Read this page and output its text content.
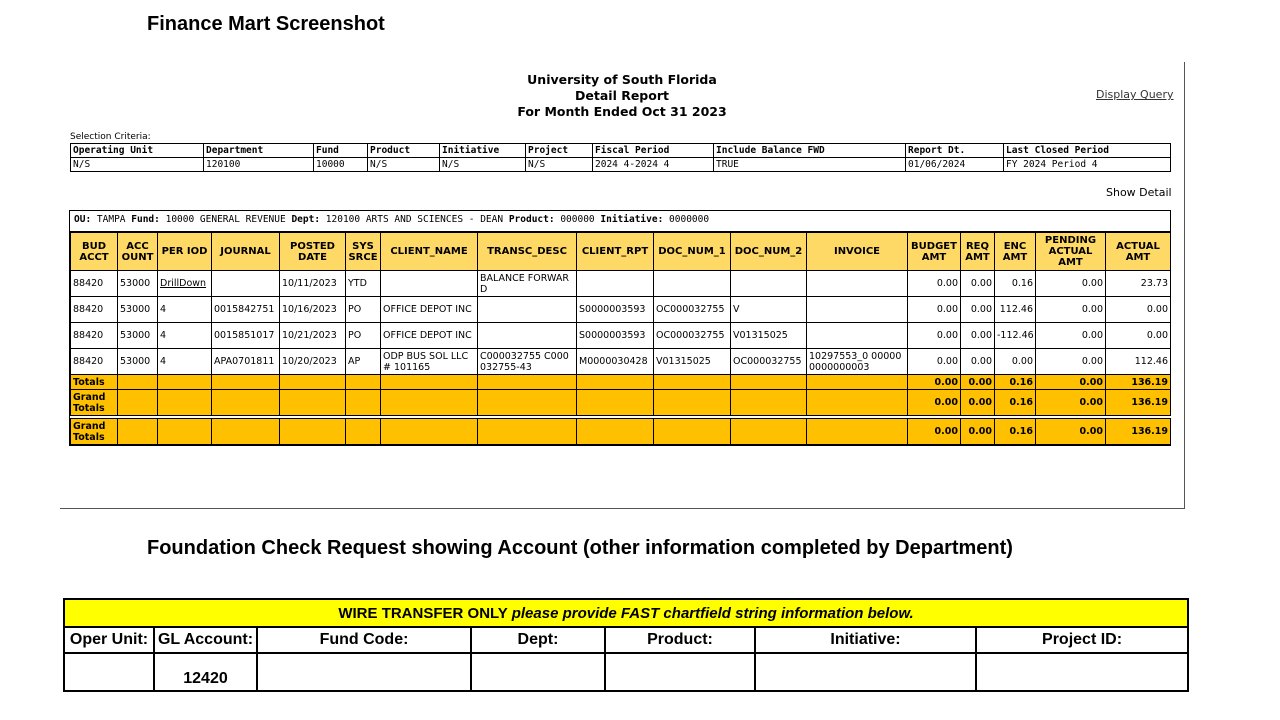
Finance Mart Screenshot
University of South Florida
Detail Report
For Month Ended Oct 31 2023
Display Query
Selection Criteria:
Operating Unit	Department	Fund	Product	Initiative	Project	Fiscal Period	Include Balance FWD	Report Dt.	Last Closed Period
N/S	120100	10000	N/S	N/S	N/S	2024 4-2024 4	TRUE	01/06/2024	FY 2024 Period 4
Show Detail
OU: TAMPA Fund: 10000 GENERAL REVENUE Dept: 120100 ARTS AND SCIENCES - DEAN Product: 000000 Initiative: 0000000
BUD ACCT	ACC OUNT	PER IOD	JOURNAL	POSTED DATE	SYS SRCE	CLIENT_NAME	TRANSC_DESC	CLIENT_RPT	DOC_NUM_1	DOC_NUM_2	INVOICE	BUDGET AMT	REQ AMT	ENC AMT	PENDING ACTUAL AMT	ACTUAL AMT
88420	53000	DrillDown		10/11/2023	YTD		BALANCE FORWARD					0.00	0.00	0.16	0.00	23.73
88420	53000	4	0015842751	10/16/2023	PO	OFFICE DEPOT INC		S0000003593	OC000032755	V		0.00	0.00	112.46	0.00	0.00
88420	53000	4	0015851017	10/21/2023	PO	OFFICE DEPOT INC		S0000003593	OC000032755	V01315025		0.00	0.00	-112.46	0.00	0.00
88420	53000	4	APA0701811	10/20/2023	AP	ODP BUS SOL LLC # 101165	C000032755 C000032755-43	M0000030428	V01315025	OC000032755	10297553_0 000000000000003	0.00	0.00	0.00	0.00	112.46
Totals												0.00	0.00	0.16	0.00	136.19
Grand Totals												0.00	0.00	0.16	0.00	136.19

Grand Totals												0.00	0.00	0.16	0.00	136.19
Foundation Check Request showing Account (other information completed by Department)
WIRE TRANSFER ONLY please provide FAST chartfield string information below.						
Oper Unit:	GL Account:	Fund Code:	Dept:	Product:	Initiative:	Project ID:
	12420					
